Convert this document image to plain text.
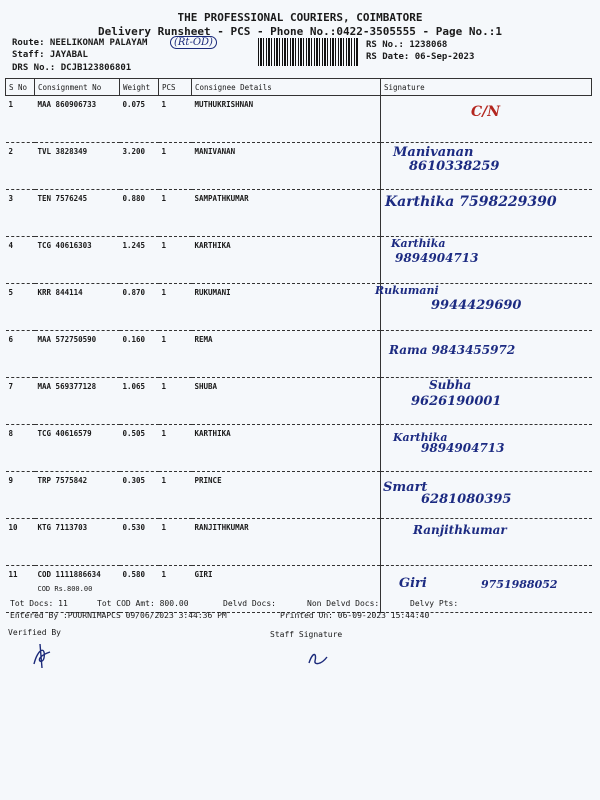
THE PROFESSIONAL COURIERS, COIMBATORE
Delivery Runsheet - PCS - Phone No.:0422-3505555 - Page No.:1
Route: NEELIKONAM PALAYAM	(Rt-OD)
Staff: JAYABAL
DRS No.: DCJB123806801
RS No.: 1238068
RS Date: 06-Sep-2023
S No	Consignment No	Weight	PCS	Consignee Details	Signature
1	MAA 860906733	0.075	1	MUTHUKRISHNAN	C/N

2	TVL 3828349	3.200	1	MANIVANAN	Manivanan
8610338259

3	TEN 7576245	0.880	1	SAMPATHKUMAR	Karthika 7598229390

4	TCG 40616303	1.245	1	KARTHIKA	Karthika
9894904713

5	KRR 844114	0.870	1	RUKUMANI	Rukumani
9944429690

6	MAA 572750590	0.160	1	REMA	Rama 9843455972

7	MAA 569377128	1.065	1	SHUBA	Subha
9626190001

8	TCG 40616579	0.505	1	KARTHIKA	Karthika
9894904713

9	TRP 7575842	0.305	1	PRINCE	Smart
6281080395

10	KTG 7113703	0.530	1	RANJITHKUMAR	Ranjithkumar

11	COD 1111886634
COD Rs.800.00	0.580	1	GIRI	Giri 9751988052
Tot Docs: 11	Tot COD Amt: 800.00	Delvd Docs:	Non Delvd Docs:	Delvy Pts:
Entered By :POORNIMAPCS 09/06/2023 3:44:36 PM	Printed On: 06-09-2023 15:44:40
Verified By	Staff Signature
